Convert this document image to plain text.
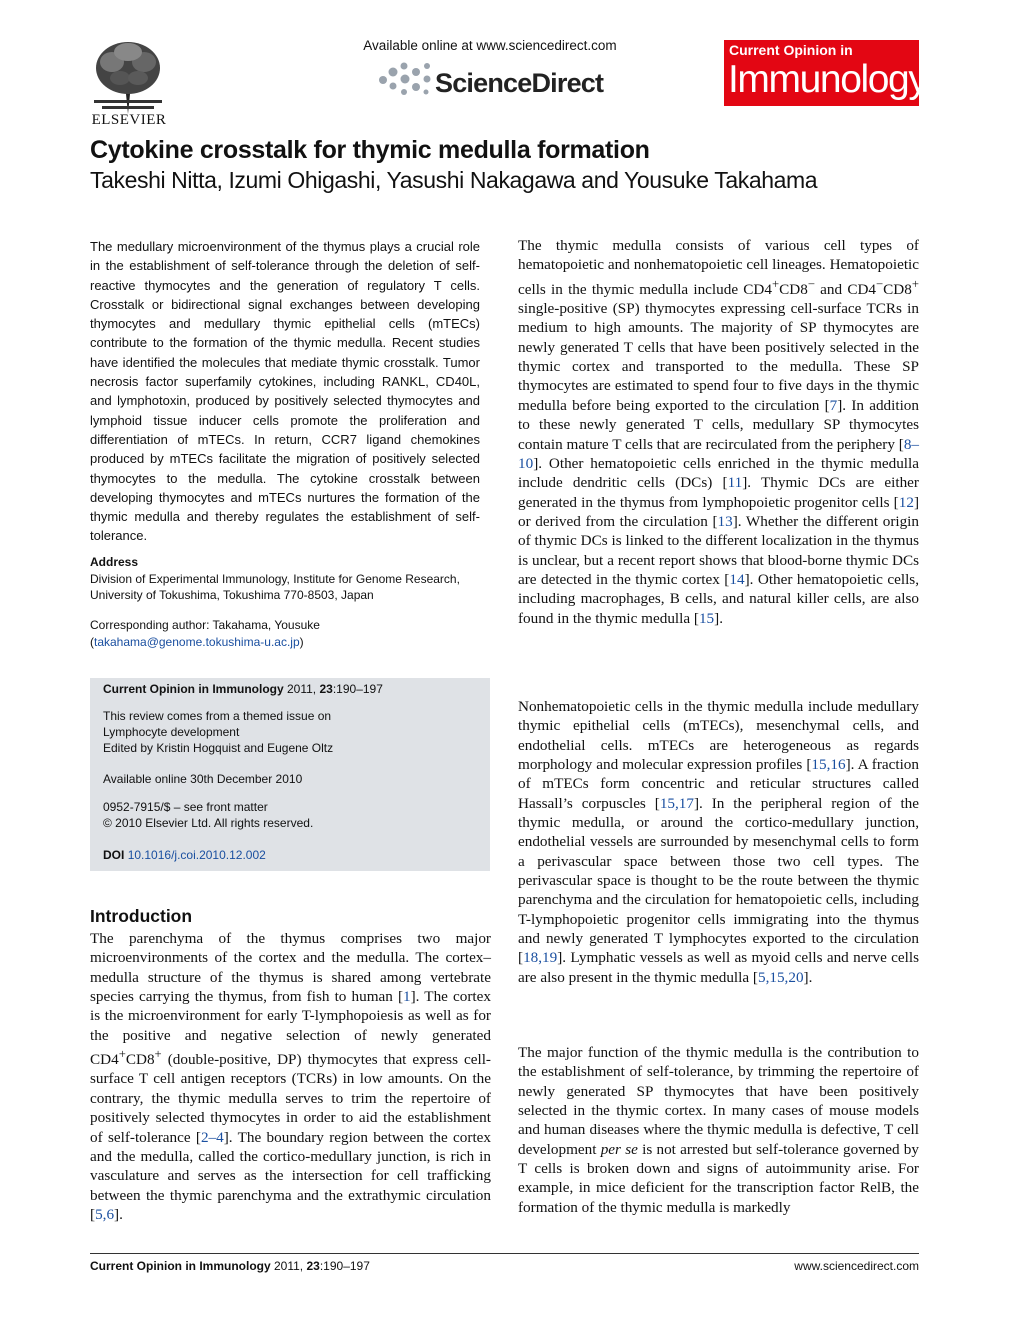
ELSEVIER
Available online at www.sciencedirect.com
ScienceDirect
Current Opinion in
Immunology
Cytokine crosstalk for thymic medulla formation
Takeshi Nitta, Izumi Ohigashi, Yasushi Nakagawa and Yousuke Takahama

The medullary microenvironment of the thymus plays a crucial role in the establishment of self-tolerance through the deletion of self-reactive thymocytes and the generation of regulatory T cells. Crosstalk or bidirectional signal exchanges between developing thymocytes and medullary thymic epithelial cells (mTECs) contribute to the formation of the thymic medulla. Recent studies have identified the molecules that mediate thymic crosstalk. Tumor necrosis factor superfamily cytokines, including RANKL, CD40L, and lymphotoxin, produced by positively selected thymocytes and lymphoid tissue inducer cells promote the proliferation and differentiation of mTECs. In return, CCR7 ligand chemokines produced by mTECs facilitate the migration of positively selected thymocytes to the medulla. The cytokine crosstalk between developing thymocytes and mTECs nurtures the formation of the thymic medulla and thereby regulates the establishment of self-tolerance.

Address
Division of Experimental Immunology, Institute for Genome Research,
University of Tokushima, Tokushima 770-8503, Japan
Corresponding author: Takahama, Yousuke
(takahama@genome.tokushima-u.ac.jp)
Current Opinion in Immunology 2011, 23:190–197
This review comes from a themed issue on
Lymphocyte development
Edited by Kristin Hogquist and Eugene Oltz
Available online 30th December 2010
0952-7915/$ – see front matter
© 2010 Elsevier Ltd. All rights reserved.
DOI 10.1016/j.coi.2010.12.002
Introduction

The parenchyma of the thymus comprises two major microenvironments of the cortex and the medulla. The cortex–medulla structure of the thymus is shared among vertebrate species carrying the thymus, from fish to human [1]. The cortex is the microenvironment for early T-lymphopoiesis as well as for the positive and negative selection of newly generated CD4+CD8+ (double-positive, DP) thymocytes that express cell-surface T cell antigen receptors (TCRs) in low amounts. On the contrary, the thymic medulla serves to trim the repertoire of positively selected thymocytes in order to aid the establishment of self-tolerance [2–4]. The boundary region between the cortex and the medulla, called the cortico-medullary junction, is rich in vasculature and serves as the intersection for cell trafficking between the thymic parenchyma and the extrathymic circulation [5,6].

The thymic medulla consists of various cell types of hematopoietic and nonhematopoietic cell lineages. Hematopoietic cells in the thymic medulla include CD4+CD8− and CD4−CD8+ single-positive (SP) thymocytes expressing cell-surface TCRs in medium to high amounts. The majority of SP thymocytes are newly generated T cells that have been positively selected in the thymic cortex and transported to the medulla. These SP thymocytes are estimated to spend four to five days in the thymic medulla before being exported to the circulation [7]. In addition to these newly generated T cells, medullary SP thymocytes contain mature T cells that are recirculated from the periphery [8–10]. Other hematopoietic cells enriched in the thymic medulla include dendritic cells (DCs) [11]. Thymic DCs are either generated in the thymus from lymphopoietic progenitor cells [12] or derived from the circulation [13]. Whether the different origin of thymic DCs is linked to the different localization in the thymus is unclear, but a recent report shows that blood-borne thymic DCs are detected in the thymic cortex [14]. Other hematopoietic cells, including macrophages, B cells, and natural killer cells, are also found in the thymic medulla [15].

Nonhematopoietic cells in the thymic medulla include medullary thymic epithelial cells (mTECs), mesenchymal cells, and endothelial cells. mTECs are heterogeneous as regards morphology and molecular expression profiles [15,16]. A fraction of mTECs form concentric and reticular structures called Hassall’s corpuscles [15,17]. In the peripheral region of the thymic medulla, or around the cortico-medullary junction, endothelial vessels are surrounded by mesenchymal cells to form a perivascular space between those two cell types. The perivascular space is thought to be the route between the thymic parenchyma and the circulation for hematopoietic cells, including T-lymphopoietic progenitor cells immigrating into the thymus and newly generated T lymphocytes exported to the circulation [18,19]. Lymphatic vessels as well as myoid cells and nerve cells are also present in the thymic medulla [5,15,20].

The major function of the thymic medulla is the contribution to the establishment of self-tolerance, by trimming the repertoire of newly generated SP thymocytes that have been positively selected in the thymic cortex. In many cases of mouse models and human diseases where the thymic medulla is defective, T cell development per se is not arrested but self-tolerance governed by T cells is broken down and signs of autoimmunity arise. For example, in mice deficient for the transcription factor RelB, the formation of the thymic medulla is markedly

Current Opinion in Immunology 2011, 23:190–197	www.sciencedirect.com
